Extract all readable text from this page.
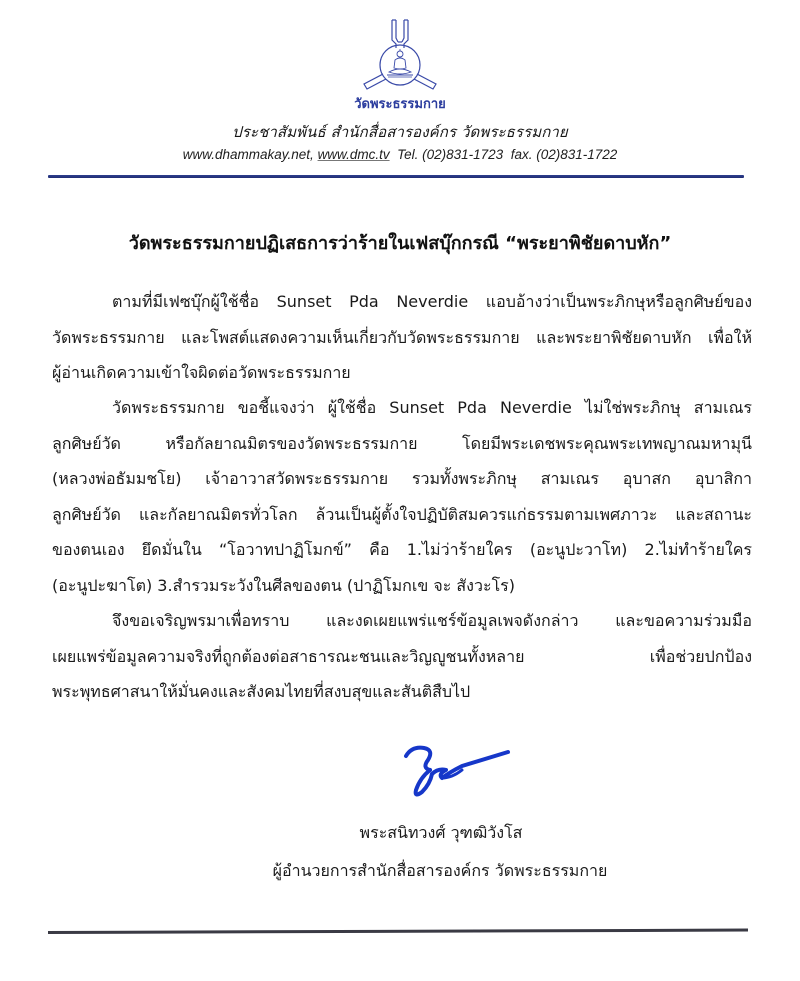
วัดพระธรรมกาย
ประชาสัมพันธ์ สำนักสื่อสารองค์กร วัดพระธรรมกาย
www.dhammakay.net, www.dmc.tv Tel. (02)831-1723 fax. (02)831-1722
วัดพระธรรมกายปฏิเสธการว่าร้ายในเฟสบุ๊กกรณี “พระยาพิชัยดาบหัก”

ตามที่มีเฟซบุ๊กผู้ใช้ชื่อ Sunset Pda Neverdie แอบอ้างว่าเป็นพระภิกษุหรือลูกศิษย์ของ
วัดพระธรรมกาย และโพสต์แสดงความเห็นเกี่ยวกับวัดพระธรรมกาย และพระยาพิชัยดาบหัก เพื่อให้
ผู้อ่านเกิดความเข้าใจผิดต่อวัดพระธรรมกาย

วัดพระธรรมกาย ขอชี้แจงว่า ผู้ใช้ชื่อ Sunset Pda Neverdie ไม่ใช่พระภิกษุ สามเณร
ลูกศิษย์วัด หรือกัลยาณมิตรของวัดพระธรรมกาย โดยมีพระเดชพระคุณพระเทพญาณมหามุนี
(หลวงพ่อธัมมชโย) เจ้าอาวาสวัดพระธรรมกาย รวมทั้งพระภิกษุ สามเณร อุบาสก อุบาสิกา
ลูกศิษย์วัด และกัลยาณมิตรทั่วโลก ล้วนเป็นผู้ตั้งใจปฏิบัติสมควรแก่ธรรมตามเพศภาวะ และสถานะ
ของตนเอง ยึดมั่นใน “โอวาทปาฏิโมกข์” คือ 1.ไม่ว่าร้ายใคร (อะนูปะวาโท) 2.ไม่ทำร้ายใคร
(อะนูปะฆาโต) 3.สำรวมระวังในศีลของตน (ปาฏิโมกเข จะ สังวะโร)

จึงขอเจริญพรมาเพื่อทราบ และงดเผยแพร่แชร์ข้อมูลเพจดังกล่าว และขอความร่วมมือ
เผยแพร่ข้อมูลความจริงที่ถูกต้องต่อสาธารณะชนและวิญญูชนทั้งหลาย เพื่อช่วยปกป้อง
พระพุทธศาสนาให้มั่นคงและสังคมไทยที่สงบสุขและสันติสืบไป

พระสนิทวงศ์ วุฑฒิวังโส
ผู้อำนวยการสำนักสื่อสารองค์กร วัดพระธรรมกาย
